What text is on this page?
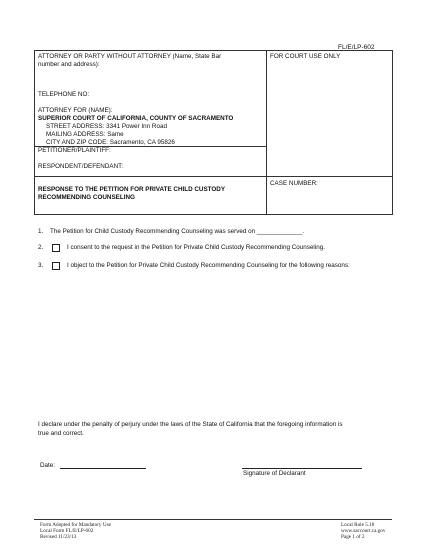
FL/E/LP-602
ATTORNEY OR PARTY WITHOUT ATTORNEY (Name, State Bar
number and address):
FOR COURT USE ONLY
TELEPHONE NO:
ATTORNEY FOR (NAME):
SUPERIOR COURT OF CALIFORNIA, COUNTY OF SACRAMENTO
STREET ADDRESS: 3341 Power Inn Road
MAILING ADDRESS: Same
CITY AND ZIP CODE: Sacramento, CA 95826
PETITIONER/PLAINTIFF:
RESPONDENT/DEFENDANT:
CASE NUMBER:
RESPONSE TO THE PETITION FOR PRIVATE CHILD CUSTODY
RECOMMENDING COUNSELING
1. The Petition for Child Custody Recommending Counseling was served on _____________.
2.	I consent to the request in the Petition for Private Child Custody Recommending Counseling.
3.	I object to the Petition for Private Child Custody Recommending Counseling for the following reasons:
I declare under the penalty of perjury under the laws of the State of California that the foregoing information is
true and correct.
Date:
Signature of Declarant
Form Adopted for Mandatory Use
Local Form FL/E/LP-602
Revised 11/23/13
Local Rule 5.18
www.saccourt.ca.gov
Page 1 of 2
